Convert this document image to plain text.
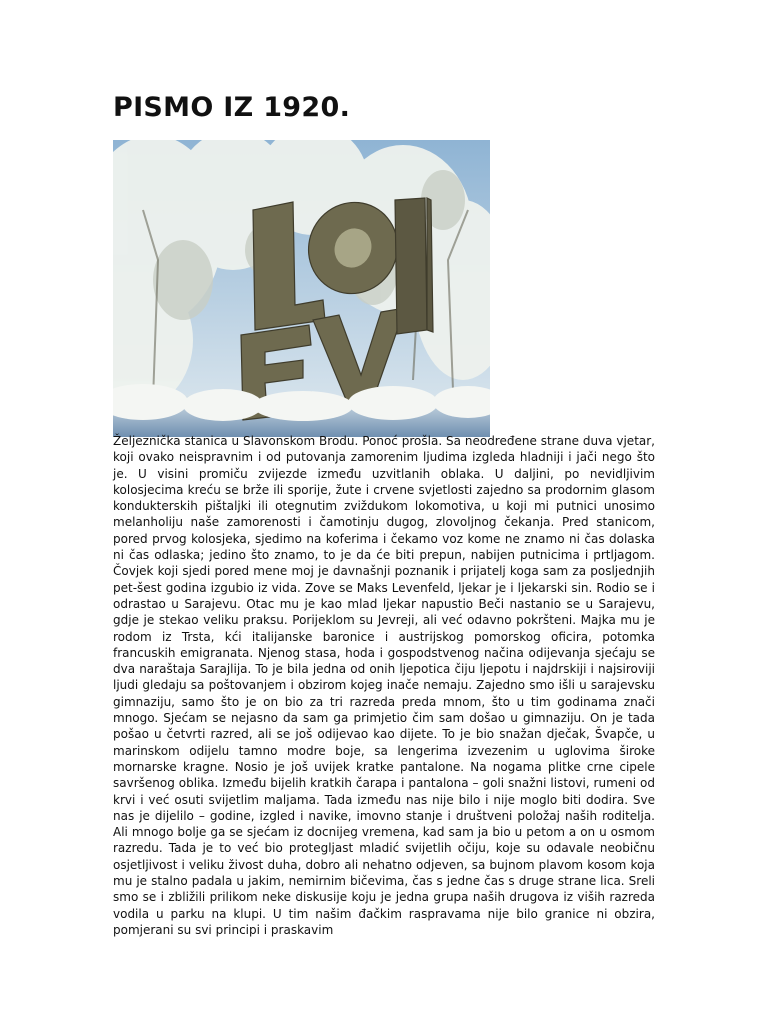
PISMO IZ 1920.

Željeznička stanica u Slavonskom Brodu. Ponoć prošla. Sa neodređene strane duva vjetar, koji ovako neispravnim i od putovanja zamorenim ljudima izgleda hladniji i jači nego što je. U visini promiču zvijezde između uzvitlanih oblaka. U daljini, po nevidljivim kolosjecima kreću se brže ili sporije, žute i crvene svjetlosti zajedno sa prodornim glasom kondukterskih pištaljki ili otegnutim zviždukom lokomotiva, u koji mi putnici unosimo melanholiju naše zamorenosti i čamotinju dugog, zlovoljnog čekanja. Pred stanicom, pored prvog kolosjeka, sjedimo na koferima i čekamo voz kome ne znamo ni čas dolaska ni čas odlaska; jedino što znamo, to je da će biti prepun, nabijen putnicima i prtljagom. Čovjek koji sjedi pored mene moj je davnašnji poznanik i prijatelj koga sam za posljednjih pet-šest godina izgubio iz vida. Zove se Maks Levenfeld, ljekar je i ljekarski sin. Rodio se i odrastao u Sarajevu. Otac mu je kao mlad ljekar napustio Beči nastanio se u Sarajevu, gdje je stekao veliku praksu. Porijeklom su Jevreji, ali već odavno pokršteni. Majka mu je rodom iz Trsta, kći italijanske baronice i austrijskog pomorskog oficira, potomka francuskih emigranata. Njenog stasa, hoda i gospodstvenog načina odijevanja sjećaju se dva naraštaja Sarajlija. To je bila jedna od onih ljepotica čiju ljepotu i najdrskiji i najsiroviji ljudi gledaju sa poštovanjem i obzirom kojeg inače nemaju. Zajedno smo išli u sarajevsku gimnaziju, samo što je on bio za tri razreda preda mnom, što u tim godinama znači mnogo. Sjećam se nejasno da sam ga primjetio čim sam došao u gimnaziju. On je tada pošao u četvrti razred, ali se još odijevao kao dijete. To je bio snažan dječak, Švapče, u marinskom odijelu tamno modre boje, sa lengerima izvezenim u uglovima široke mornarske kragne. Nosio je još uvijek kratke pantalone. Na nogama plitke crne cipele savršenog oblika. Između bijelih kratkih čarapa i pantalona – goli snažni listovi, rumeni od krvi i već osuti svijetlim maljama. Tada između nas nije bilo i nije moglo biti dodira. Sve nas je dijelilo – godine, izgled i navike, imovno stanje i društveni položaj naših roditelja. Ali mnogo bolje ga se sjećam iz docnijeg vremena, kad sam ja bio u petom a on u osmom razredu. Tada je to već bio protegljast mladić svijetlih očiju, koje su odavale neobičnu osjetljivost i veliku živost duha, dobro ali nehatno odjeven, sa bujnom plavom kosom koja mu je stalno padala u jakim, nemirnim bičevima, čas s jedne čas s druge strane lica. Sreli smo se i zbližili prilikom neke diskusije koju je jedna grupa naših drugova iz viših razreda vodila u parku na klupi. U tim našim đačkim raspravama nije bilo granice ni obzira, pomjerani su svi principi i praskavim
